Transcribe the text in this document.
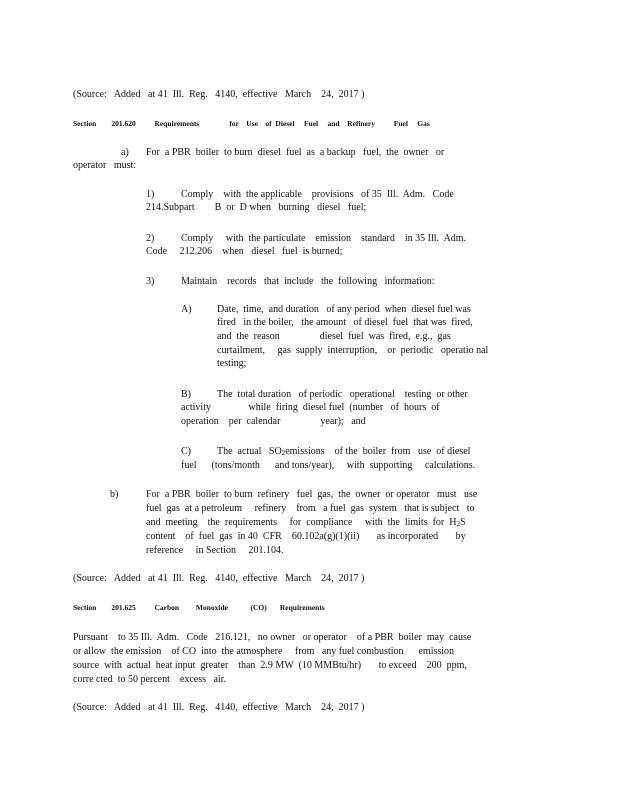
(Source:   Added   at 41  Ill.  Reg.   4140,  effective   March    24,  2017 )
Section        201.620          Requirements                for    Use    of  Diesel     Fuel     and    Refinery          Fuel     Gas
a) For  a PBR  boiler  to burn  diesel  fuel  as  a backup   fuel,  the  owner   or
operator   must:
1)	Comply    with  the applicable    provisions   of 35  Ill.  Adm.   Code
214.Subpart        B  or  D when   burning   diesel   fuel;
2)	Comply     with  the particulate    emission    standard    in 35 Ill.  Adm.
Code     212.206    when   diesel   fuel  is burned;
3)	Maintain    records   that  include   the  following   information:
A)	Date,  time,  and duration   of any period  when  diesel fuel was
fired   in the boiler,   the amount   of diesel  fuel  that was  fired,
and  the  reason                diesel  fuel  was  fired,  e.g.,  gas
curtailment,     gas  supply  interruption,    or  periodic   operatio nal
testing;
B)	The  total duration   of periodic   operational    testing  or other
activity               while  firing  diesel fuel  (number   of  hours  of
operation    per  calendar                year);   and
C)	The  actual   $SO_2emissions$    of the  boiler  from   use  of diesel
fuel      (tons/month      and tons/year),     with  supporting     calculations.
b)	For  a PBR  boiler  to burn  refinery   fuel  gas,  the  owner  or operator   must   use
fuel  gas  at a petroleum     refinery    from   a fuel  gas  system   that is subject   to
and  meeting    the  requirements     for  compliance     with  the  limits  for  $H_2S$
content    of  fuel  gas  in 40  CFR    60.102a(g)(1)(ii)       as incorporated       by
reference     in Section     201.104.
(Source:   Added   at 41  Ill.  Reg.   4140,  effective   March    24,  2017 )
Section        201.625          Carbon         Monoxide            (CO)       Requirements
Pursuant    to 35 Ill.  Adm.   Code   216.121,   no owner   or operator    of a PBR  boiler  may  cause
or allow  the emission    of CO  into  the atmosphere     from   any fuel combustion      emission
source  with  actual  heat input  greater    than  2.9 MW  (10 MMBtu/hr)       to exceed    200  ppm,
corre cted  to 50 percent    excess   air.
(Source:   Added   at 41  Ill.  Reg.   4140,  effective   March    24,  2017 )
